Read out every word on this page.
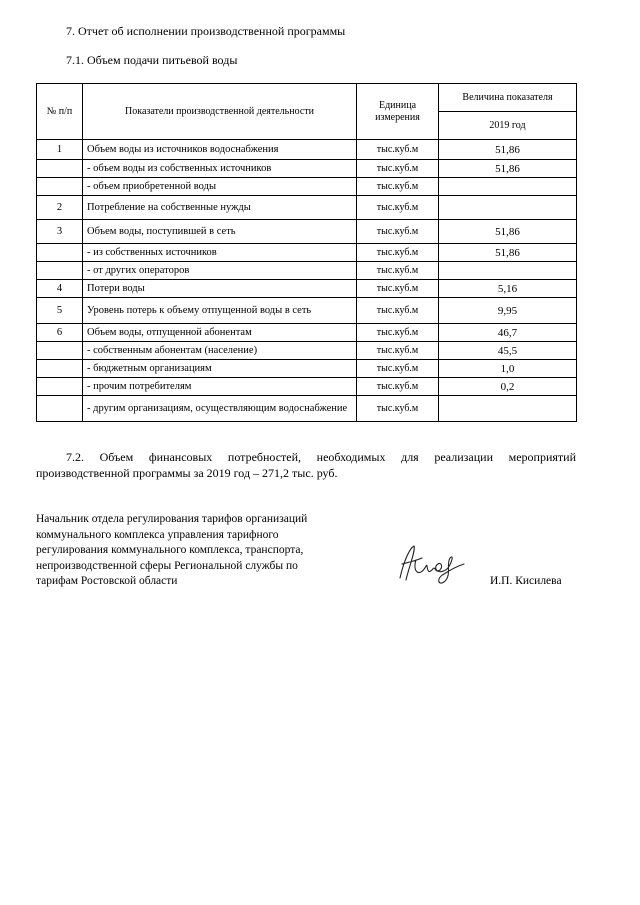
7. Отчет об исполнении производственной программы
7.1. Объем подачи питьевой воды
№ п/п	Показатели производственной деятельности	Единица измерения	Величина показателя
			2019 год
1	Объем воды из источников водоснабжения	тыс.куб.м	51,86
	- объем воды из собственных источников	тыс.куб.м	51,86
	- объем приобретенной воды	тыс.куб.м	
2	Потребление на собственные нужды	тыс.куб.м	
3	Объем воды, поступившей в сеть	тыс.куб.м	51,86
	- из собственных источников	тыс.куб.м	51,86
	- от других операторов	тыс.куб.м	
4	Потери воды	тыс.куб.м	5,16
5	Уровень потерь к объему отпущенной воды в сеть	тыс.куб.м	9,95
6	Объем воды, отпущенной абонентам	тыс.куб.м	46,7
	- собственным абонентам (население)	тыс.куб.м	45,5
	- бюджетным организациям	тыс.куб.м	1,0
	- прочим потребителям	тыс.куб.м	0,2
	- другим организациям, осуществляющим водоснабжение	тыс.куб.м	

7.2. Объем финансовых потребностей, необходимых для реализации мероприятий производственной программы за 2019 год – 271,2 тыс. руб.

Начальник отдела регулирования тарифов организаций
коммунального комплекса управления тарифного
регулирования коммунального комплекса, транспорта,
непроизводственной сферы Региональной службы по
тарифам Ростовской области	И.П. Кисилева
